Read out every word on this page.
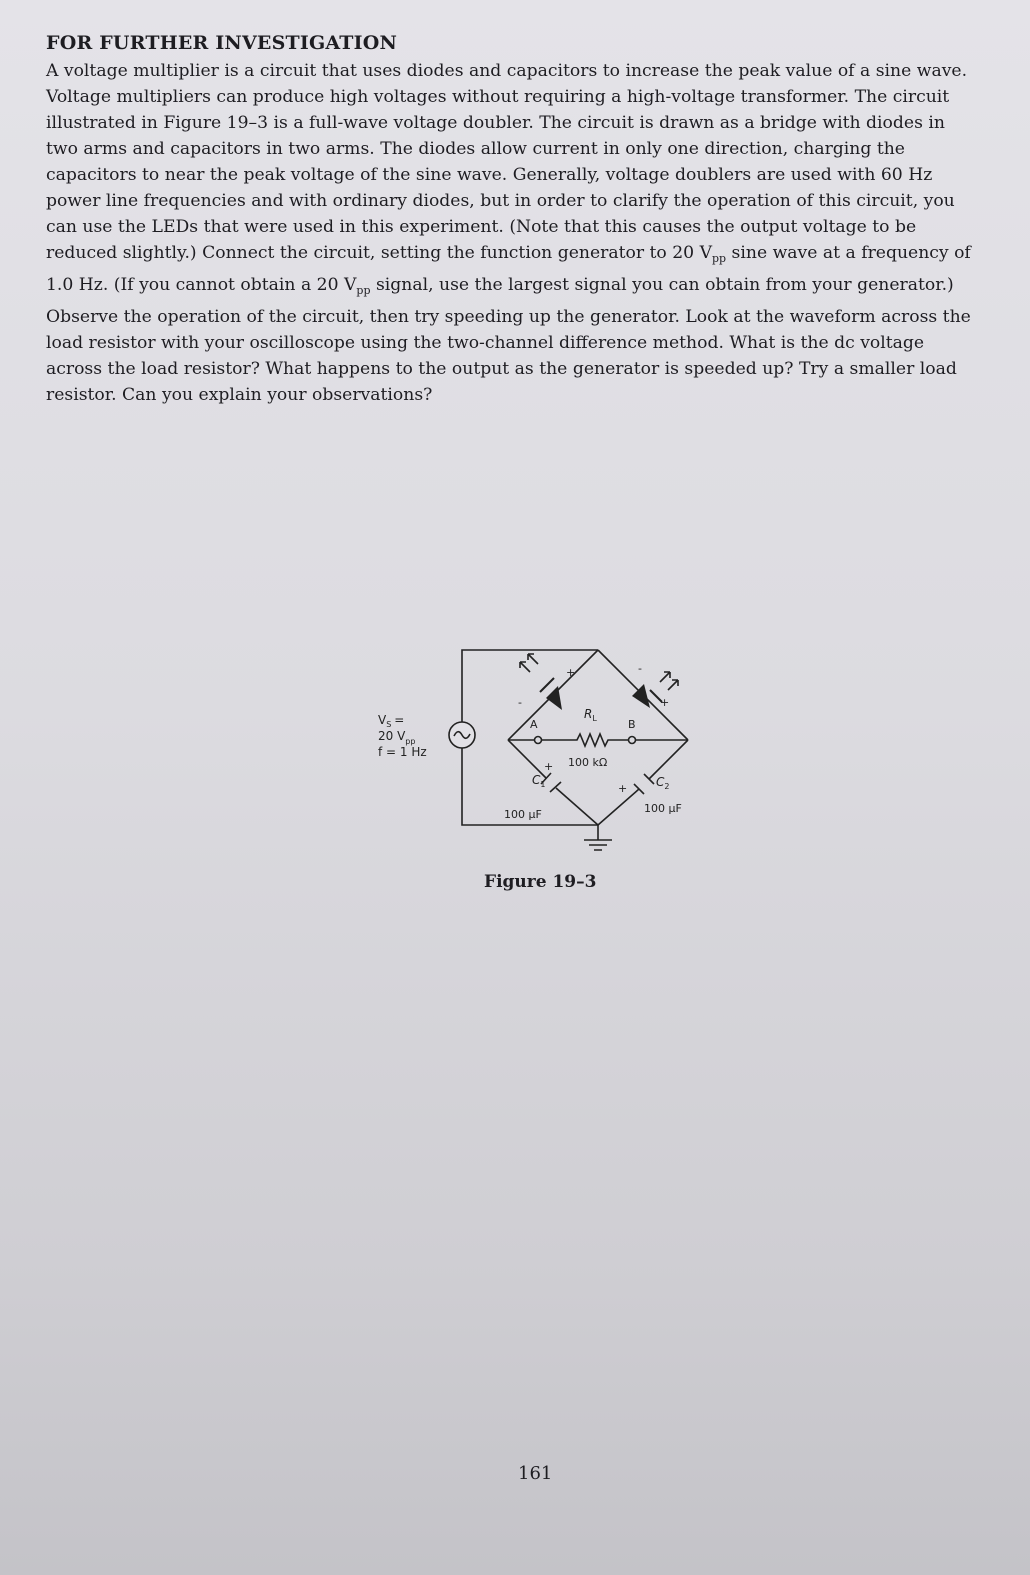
FOR FURTHER INVESTIGATION
A voltage multiplier is a circuit that uses diodes and capacitors to increase the peak value of a sine wave.
Voltage multipliers can produce high voltages without requiring a high-voltage transformer. The circuit
illustrated in Figure 19–3 is a full-wave voltage doubler. The circuit is drawn as a bridge with diodes in
two arms and capacitors in two arms. The diodes allow current in only one direction, charging the
capacitors to near the peak voltage of the sine wave. Generally, voltage doublers are used with 60 Hz
power line frequencies and with ordinary diodes, but in order to clarify the operation of this circuit, you
can use the LEDs that were used in this experiment. (Note that this causes the output voltage to be
reduced slightly.) Connect the circuit, setting the function generator to 20 $V_{pp}$ sine wave at a frequency of
1.0 Hz. (If you cannot obtain a 20 $V_{pp}$ signal, use the largest signal you can obtain from your generator.)
Observe the operation of the circuit, then try speeding up the generator. Look at the waveform across the
load resistor with your oscilloscope using the two-channel difference method. What is the dc voltage
across the load resistor? What happens to the output as the generator is speeded up? Try a smaller load
resistor. Can you explain your observations?
$V_S$ =
20 $V_{pp}$
f = 1 Hz
A	B
$R_L$
100 kΩ
$C_1$
100 µF
$C_2$
100 µF
+
-
-
+
+
+
Figure 19–3
161
